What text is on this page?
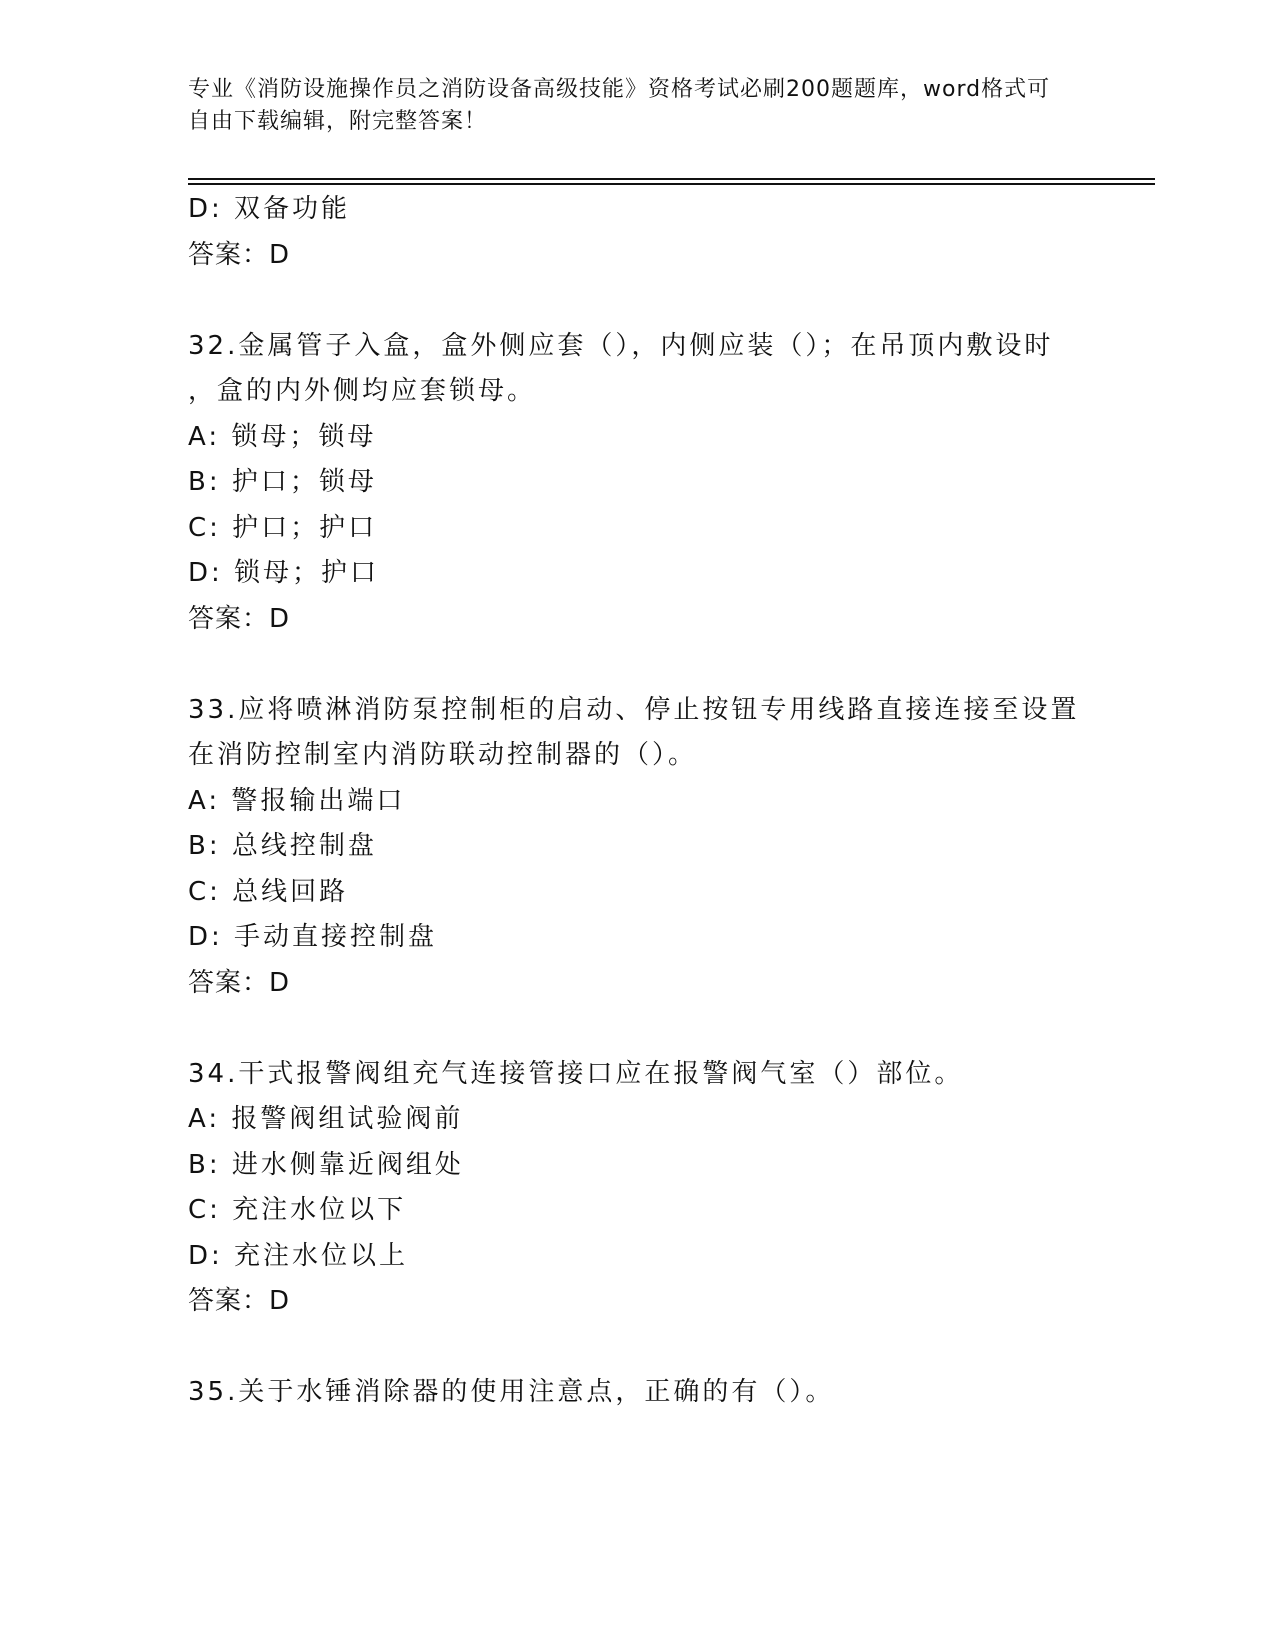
专业《消防设施操作员之消防设备高级技能》资格考试必刷200题题库，word格式可自由下载编辑，附完整答案！
D: 双备功能
答案：D
32.金属管子入盒，盒外侧应套（），内侧应装（）；在吊顶内敷设时
，盒的内外侧均应套锁母。
A: 锁母；锁母
B: 护口；锁母
C: 护口；护口
D: 锁母；护口
答案：D
33.应将喷淋消防泵控制柜的启动、停止按钮专用线路直接连接至设置
在消防控制室内消防联动控制器的（）。
A: 警报输出端口
B: 总线控制盘
C: 总线回路
D: 手动直接控制盘
答案：D
34.干式报警阀组充气连接管接口应在报警阀气室（）部位。
A: 报警阀组试验阀前
B: 进水侧靠近阀组处
C: 充注水位以下
D: 充注水位以上
答案：D
35.关于水锤消除器的使用注意点，正确的有（）。
